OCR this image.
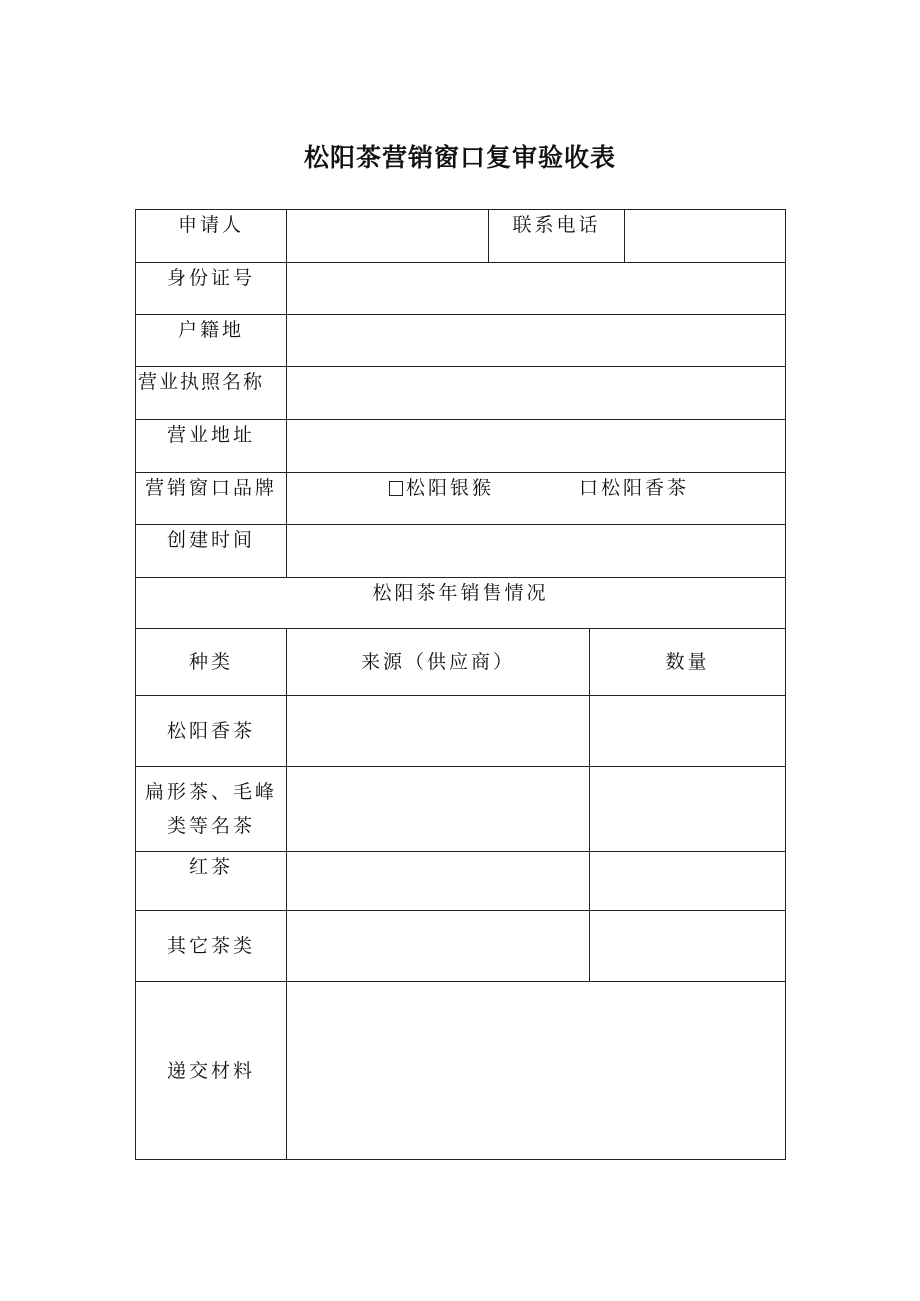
松阳茶营销窗口复审验收表
申请人		联系电话		
身份证号				
户籍地				
营业执照名称				
营业地址				
营销窗口品牌	松阳银猴 口松阳香茶			

创建时间				
松阳茶年销售情况				
种类	来源（供应商）		数量	
松阳香茶				

扁形茶、毛峰
类等名茶				

红茶				
其它茶类				
递交材料				
